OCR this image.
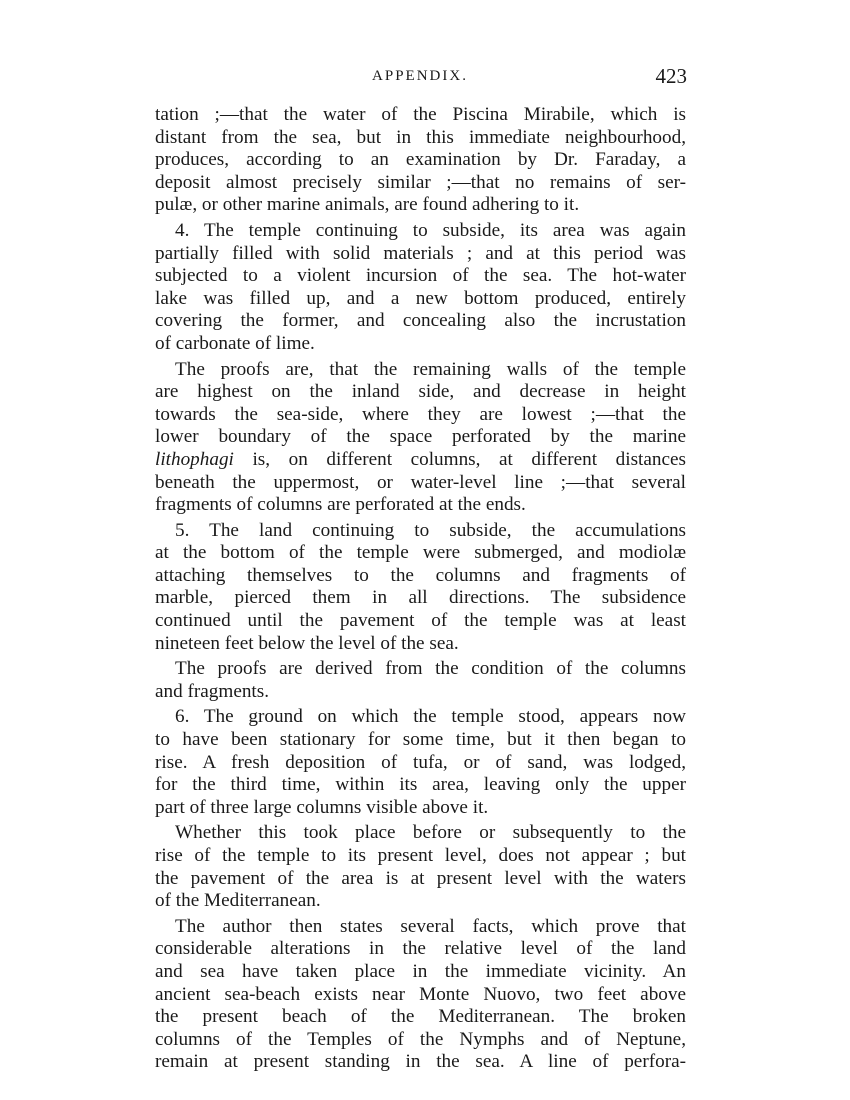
APPENDIX.	423
tation ;—that the water of the Piscina Mirabile, which is
distant from the sea, but in this immediate neighbourhood,
produces, according to an examination by Dr. Faraday, a
deposit almost precisely similar ;—that no remains of ser-
pulæ, or other marine animals, are found adhering to it.
4. The temple continuing to subside, its area was again
partially filled with solid materials ; and at this period was
subjected to a violent incursion of the sea. The hot-water
lake was filled up, and a new bottom produced, entirely
covering the former, and concealing also the incrustation
of carbonate of lime.
The proofs are, that the remaining walls of the temple
are highest on the inland side, and decrease in height
towards the sea-side, where they are lowest ;—that the
lower boundary of the space perforated by the marine
lithophagi is, on different columns, at different distances
beneath the uppermost, or water-level line ;—that several
fragments of columns are perforated at the ends.
5. The land continuing to subside, the accumulations
at the bottom of the temple were submerged, and modiolæ
attaching themselves to the columns and fragments of
marble, pierced them in all directions. The subsidence
continued until the pavement of the temple was at least
nineteen feet below the level of the sea.
The proofs are derived from the condition of the columns
and fragments.
6. The ground on which the temple stood, appears now
to have been stationary for some time, but it then began to
rise. A fresh deposition of tufa, or of sand, was lodged,
for the third time, within its area, leaving only the upper
part of three large columns visible above it.
Whether this took place before or subsequently to the
rise of the temple to its present level, does not appear ; but
the pavement of the area is at present level with the waters
of the Mediterranean.
The author then states several facts, which prove that
considerable alterations in the relative level of the land
and sea have taken place in the immediate vicinity. An
ancient sea-beach exists near Monte Nuovo, two feet above
the present beach of the Mediterranean. The broken
columns of the Temples of the Nymphs and of Neptune,
remain at present standing in the sea. A line of perfora-
